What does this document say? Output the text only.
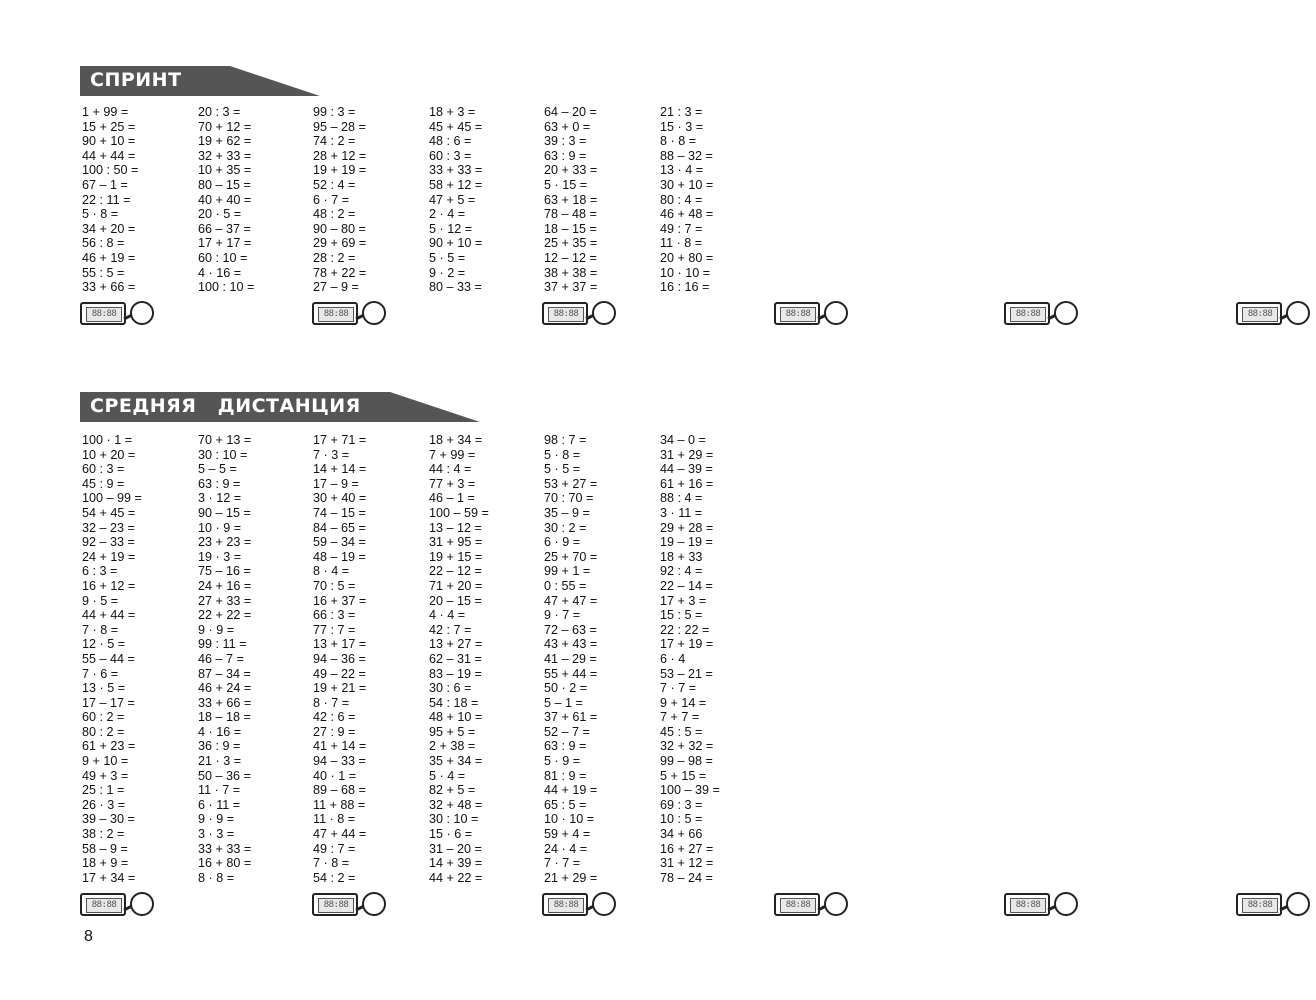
СПРИНТ
1 + 99 =
15 + 25 =
90 + 10 =
44 + 44 =
100 : 50 =
67 – 1 =
22 : 11 =
5 · 8 =
34 + 20 =
56 : 8 =
46 + 19 =
55 : 5 =
33 + 66 =
88:88
20 : 3 =
70 + 12 =
19 + 62 =
32 + 33 =
10 + 35 =
80 – 15 =
40 + 40 =
20 · 5 =
66 – 37 =
17 + 17 =
60 : 10 =
4 · 16 =
100 : 10 =
88:88
99 : 3 =
95 – 28 =
74 : 2 =
28 + 12 =
19 + 19 =
52 : 4 =
6 · 7 =
48 : 2 =
90 – 80 =
29 + 69 =
28 : 2 =
78 + 22 =
27 – 9 =
88:88
18 + 3 =
45 + 45 =
48 : 6 =
60 : 3 =
33 + 33 =
58 + 12 =
47 + 5 =
2 · 4 =
5 · 12 =
90 + 10 =
5 · 5 =
9 · 2 =
80 – 33 =
88:88
64 – 20 =
63 + 0 =
39 : 3 =
63 : 9 =
20 + 33 =
5 · 15 =
63 + 18 =
78 – 48 =
18 – 15 =
25 + 35 =
12 – 12 =
38 + 38 =
37 + 37 =
88:88
21 : 3 =
15 · 3 =
8 · 8 =
88 – 32 =
13 · 4 =
30 + 10 =
80 : 4 =
46 + 48 =
49 : 7 =
11 · 8 =
20 + 80 =
10 · 10 =
16 : 16 =
88:88
СРЕДНЯЯ   ДИСТАНЦИЯ
100 · 1 =
10 + 20 =
60 : 3 =
45 : 9 =
100 – 99 =
54 + 45 =
32 – 23 =
92 – 33 =
24 + 19 =
6 : 3 =
16 + 12 =
9 · 5 =
44 + 44 =
7 · 8 =
12 · 5 =
55 – 44 =
7 · 6 =
13 · 5 =
17 – 17 =
60 : 2 =
80 : 2 =
61 + 23 =
9 + 10 =
49 + 3 =
25 : 1 =
26 · 3 =
39 – 30 =
38 : 2 =
58 – 9 =
18 + 9 =
17 + 34 =
88:88
70 + 13 =
30 : 10 =
5 – 5 =
63 : 9 =
3 · 12 =
90 – 15 =
10 · 9 =
23 + 23 =
19 · 3 =
75 – 16 =
24 + 16 =
27 + 33 =
22 + 22 =
9 · 9 =
99 : 11 =
46 – 7 =
87 – 34 =
46 + 24 =
33 + 66 =
18 – 18 =
4 · 16 =
36 : 9 =
21 · 3 =
50 – 36 =
11 · 7 =
6 · 11 =
9 · 9 =
3 · 3 =
33 + 33 =
16 + 80 =
8 · 8 =
88:88
17 + 71 =
7 · 3 =
14 + 14 =
17 – 9 =
30 + 40 =
74 – 15 =
84 – 65 =
59 – 34 =
48 – 19 =
8 · 4 =
70 : 5 =
16 + 37 =
66 : 3 =
77 : 7 =
13 + 17 =
94 – 36 =
49 – 22 =
19 + 21 =
8 · 7 =
42 : 6 =
27 : 9 =
41 + 14 =
94 – 33 =
40 · 1 =
89 – 68 =
11 + 88 =
11 · 8 =
47 + 44 =
49 : 7 =
7 · 8 =
54 : 2 =
88:88
18 + 34 =
7 + 99 =
44 : 4 =
77 + 3 =
46 – 1 =
100 – 59 =
13 – 12 =
31 + 95 =
19 + 15 =
22 – 12 =
71 + 20 =
20 – 15 =
4 · 4 =
42 : 7 =
13 + 27 =
62 – 31 =
83 – 19 =
30 : 6 =
54 : 18 =
48 + 10 =
95 + 5 =
2 + 38 =
35 + 34 =
5 · 4 =
82 + 5 =
32 + 48 =
30 : 10 =
15 · 6 =
31 – 20 =
14 + 39 =
44 + 22 =
88:88
98 : 7 =
5 · 8 =
5 · 5 =
53 + 27 =
70 : 70 =
35 – 9 =
30 : 2 =
6 · 9 =
25 + 70 =
99 + 1 =
0 : 55 =
47 + 47 =
9 · 7 =
72 – 63 =
43 + 43 =
41 – 29 =
55 + 44 =
50 · 2 =
5 – 1 =
37 + 61 =
52 – 7 =
63 : 9 =
5 · 9 =
81 : 9 =
44 + 19 =
65 : 5 =
10 · 10 =
59 + 4 =
24 · 4 =
7 · 7 =
21 + 29 =
88:88
34 – 0 =
31 + 29 =
44 – 39 =
61 + 16 =
88 : 4 =
3 · 11 =
29 + 28 =
19 – 19 =
18 + 33
92 : 4 =
22 – 14 =
17 + 3 =
15 : 5 =
22 : 22 =
17 + 19 =
6 · 4
53 – 21 =
7 · 7 =
9 + 14 =
7 + 7 =
45 : 5 =
32 + 32 =
99 – 98 =
5 + 15 =
100 – 39 =
69 : 3 =
10 : 5 =
34 + 66
16 + 27 =
31 + 12 =
78 – 24 =
88:88
8
